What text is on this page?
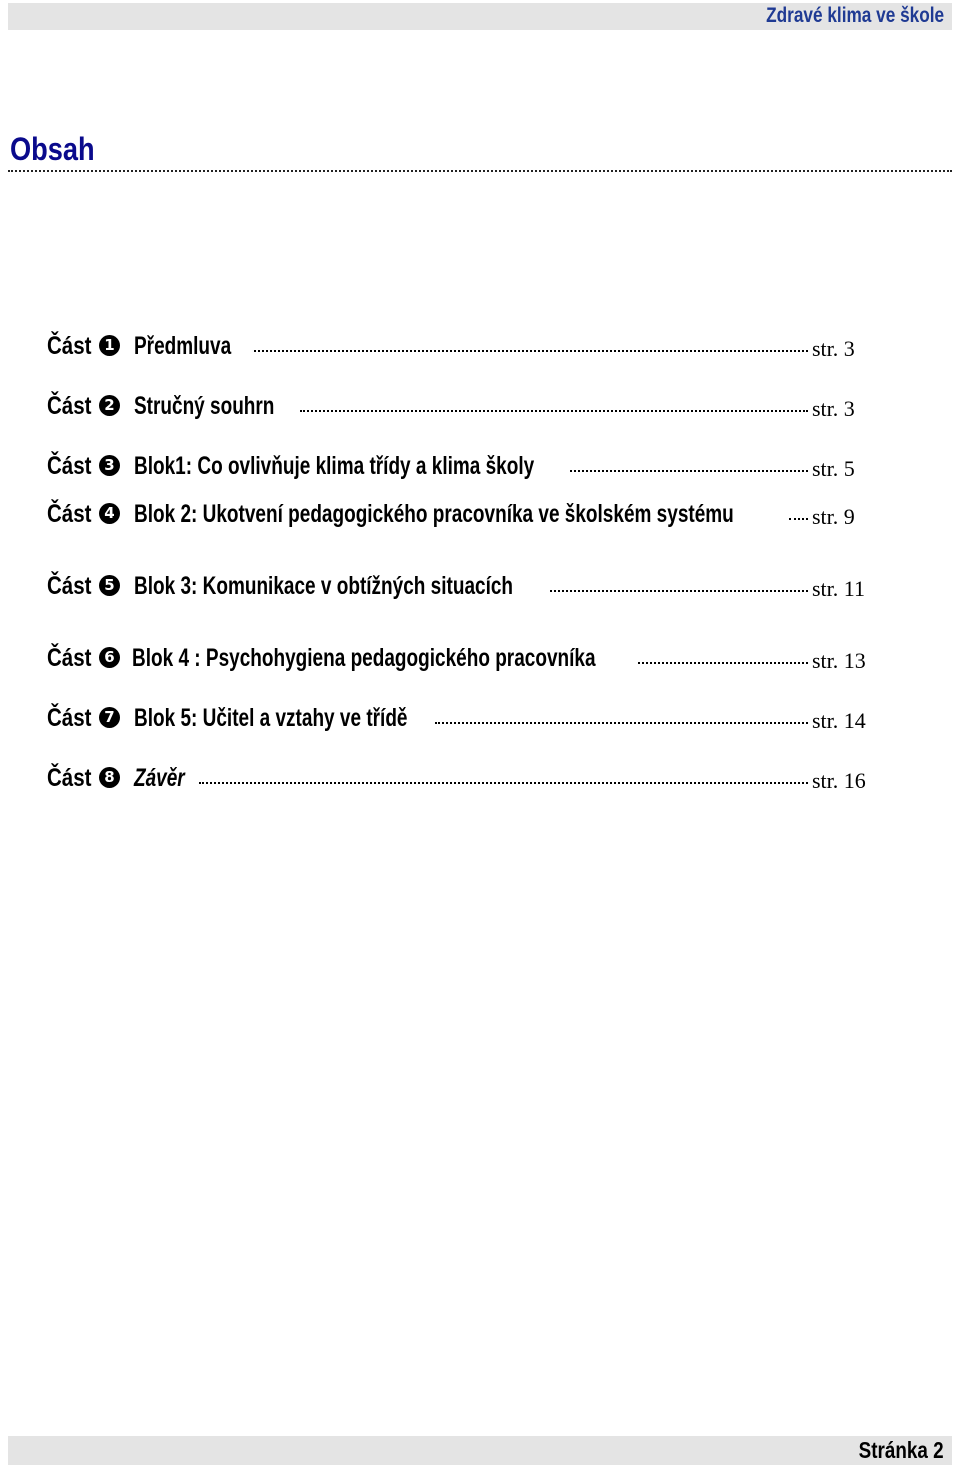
Zdravé klima ve škole
Obsah
Část 1 Předmluva	str. 3
Část 2 Stručný souhrn	str. 3
Část 3 Blok1: Co ovlivňuje klima třídy a klima školy	str. 5
Část 4 Blok 2: Ukotvení pedagogického pracovníka ve školském systému	str. 9
Část 5 Blok 3: Komunikace v obtížných situacích	str. 11
Část 6 Blok 4 : Psychohygiena pedagogického pracovníka	str. 13
Část 7 Blok 5: Učitel a vztahy ve třídě	str. 14
Část 8 Závěr	str. 16
Stránka 2
